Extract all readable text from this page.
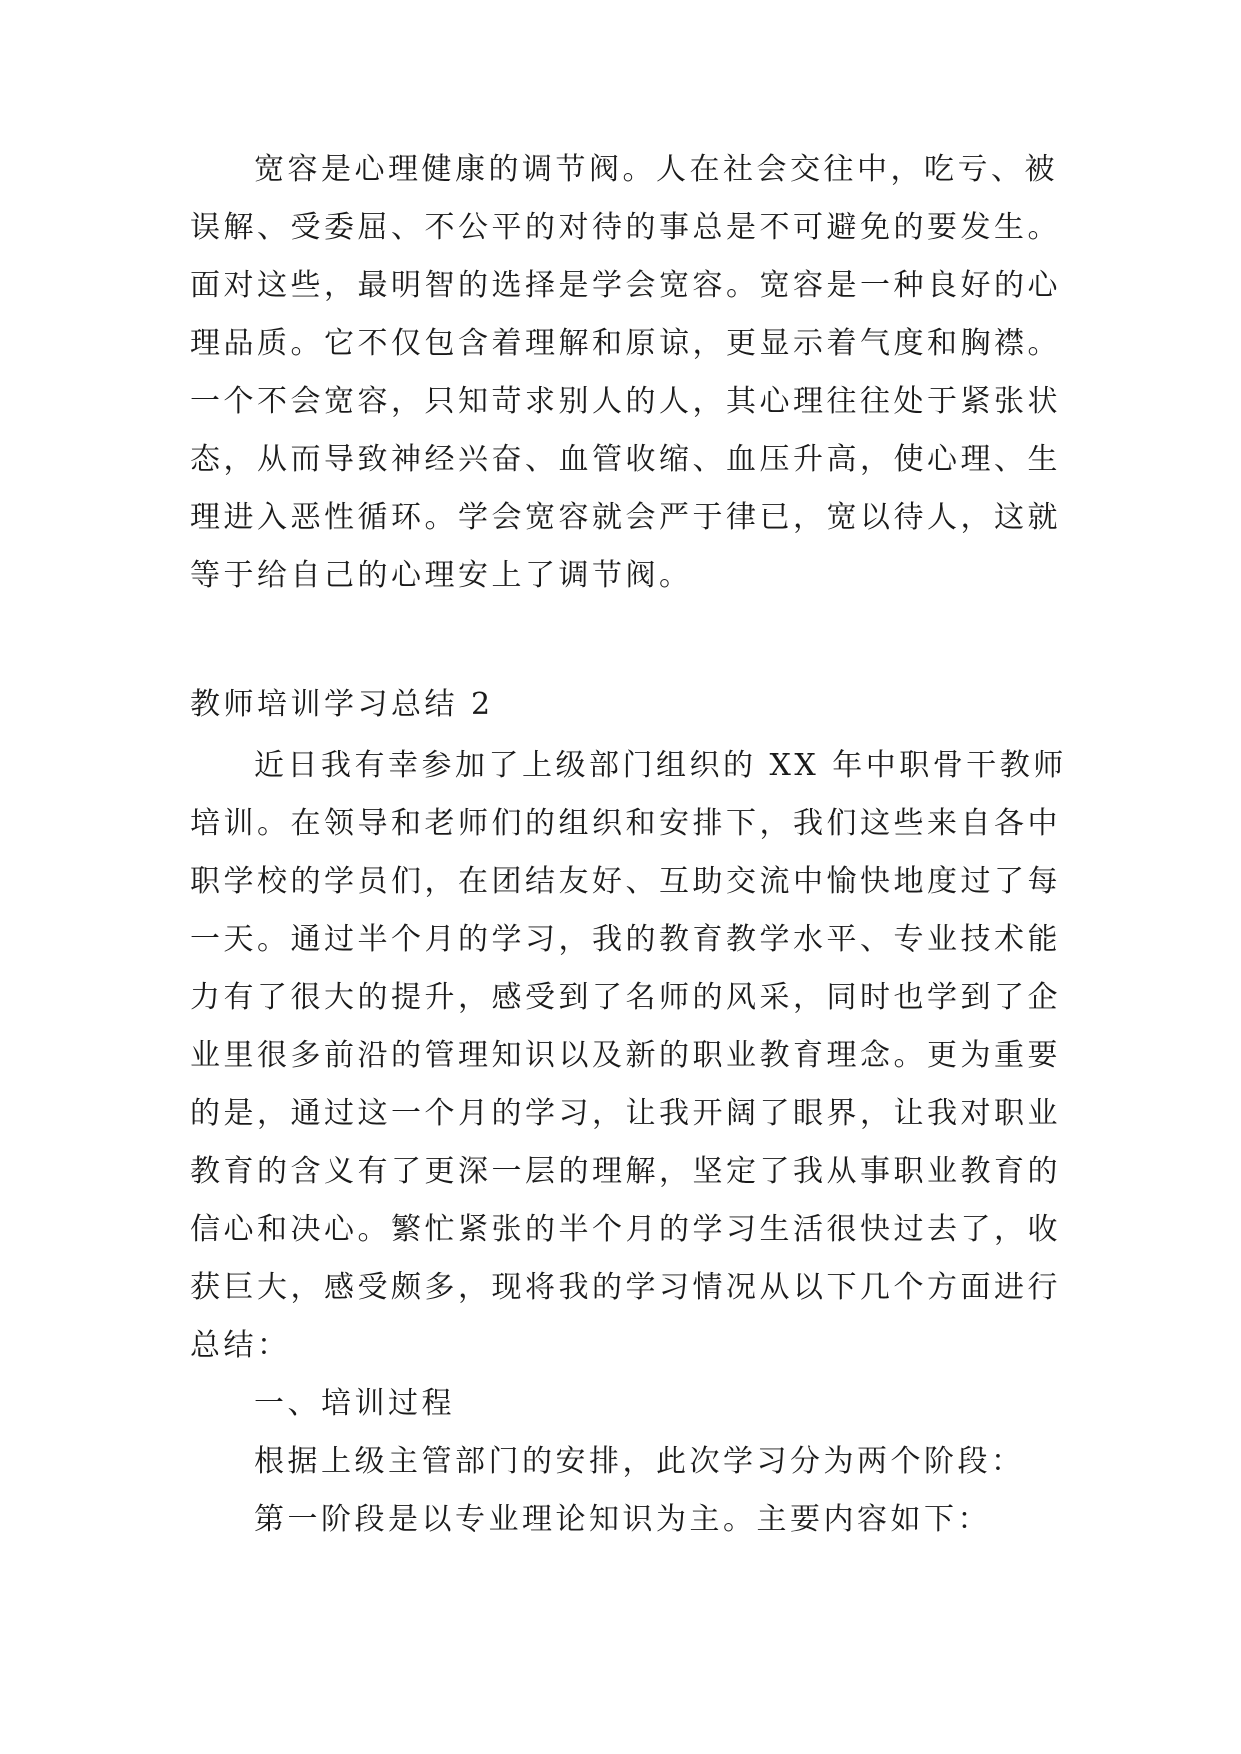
宽容是心理健康的调节阀。人在社会交往中，吃亏、被
误解、受委屈、不公平的对待的事总是不可避免的要发生。
面对这些，最明智的选择是学会宽容。宽容是一种良好的心
理品质。它不仅包含着理解和原谅，更显示着气度和胸襟。
一个不会宽容，只知苛求别人的人，其心理往往处于紧张状
态，从而导致神经兴奋、血管收缩、血压升高，使心理、生
理进入恶性循环。学会宽容就会严于律已，宽以待人，这就
等于给自己的心理安上了调节阀。
教师培训学习总结 2
近日我有幸参加了上级部门组织的 XX 年中职骨干教师
培训。在领导和老师们的组织和安排下，我们这些来自各中
职学校的学员们，在团结友好、互助交流中愉快地度过了每
一天。通过半个月的学习，我的教育教学水平、专业技术能
力有了很大的提升，感受到了名师的风采，同时也学到了企
业里很多前沿的管理知识以及新的职业教育理念。更为重要
的是，通过这一个月的学习，让我开阔了眼界，让我对职业
教育的含义有了更深一层的理解，坚定了我从事职业教育的
信心和决心。繁忙紧张的半个月的学习生活很快过去了，收
获巨大，感受颇多，现将我的学习情况从以下几个方面进行
总结：
一、培训过程
根据上级主管部门的安排，此次学习分为两个阶段：
第一阶段是以专业理论知识为主。主要内容如下：
